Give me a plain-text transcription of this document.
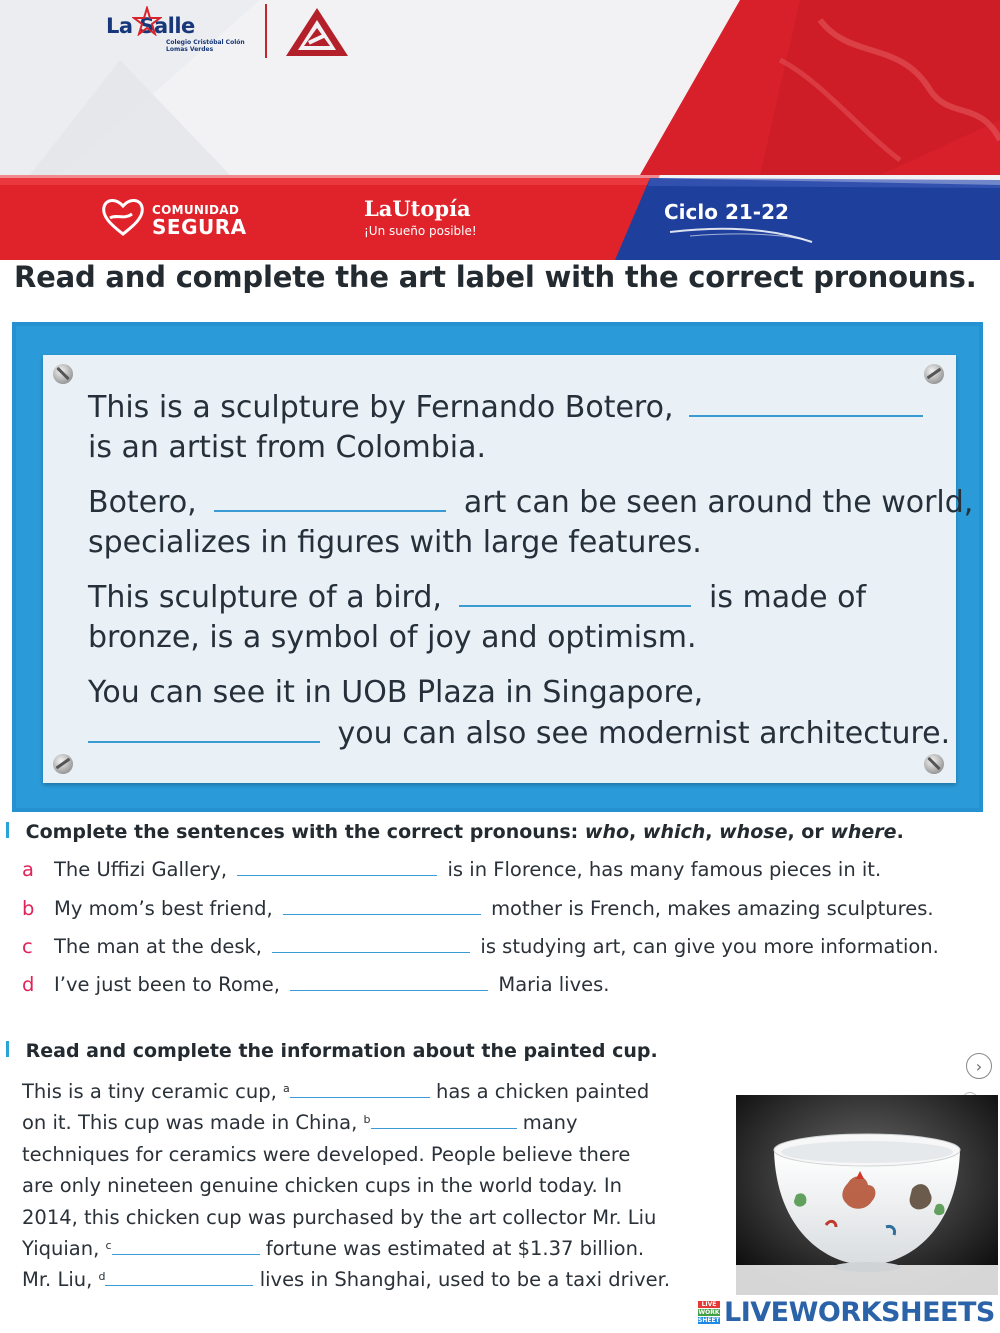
La Salle
Colegio Cristóbal Colón
Lomas Verdes
COMUNIDAD
SEGURA
LaUtopía
¡Un sueño posible!
Ciclo 21-22
Read and complete the art label with the correct pronouns.
This is a sculpture by Fernando Botero,
is an artist from Colombia.
Botero,	art can be seen around the world,
specializes in figures with large features.
This sculpture of a bird,	is made of
bronze, is a symbol of joy and optimism.
You can see it in UOB Plaza in Singapore,
you can also see modernist architecture.
Complete the sentences with the correct pronouns: who, which, whose, or where.
a The Uffizi Gallery,	is in Florence, has many famous pieces in it.
b My mom’s best friend,	mother is French, makes amazing sculptures.
c The man at the desk,	is studying art, can give you more information.
d I’ve just been to Rome,	Maria lives.
Read and complete the information about the painted cup.
›
This is a tiny ceramic cup, $^a$	has a chicken painted
on it. This cup was made in China, $^b$	many
techniques for ceramics were developed. People believe there
are only nineteen genuine chicken cups in the world today. In
2014, this chicken cup was purchased by the art collector Mr. Liu
Yiquian, $^c$	fortune was estimated at $1.37 billion.
Mr. Liu, $^d$	lives in Shanghai, used to be a taxi driver.
LIVE
WORK
SHEETS LIVEWORKSHEETS
